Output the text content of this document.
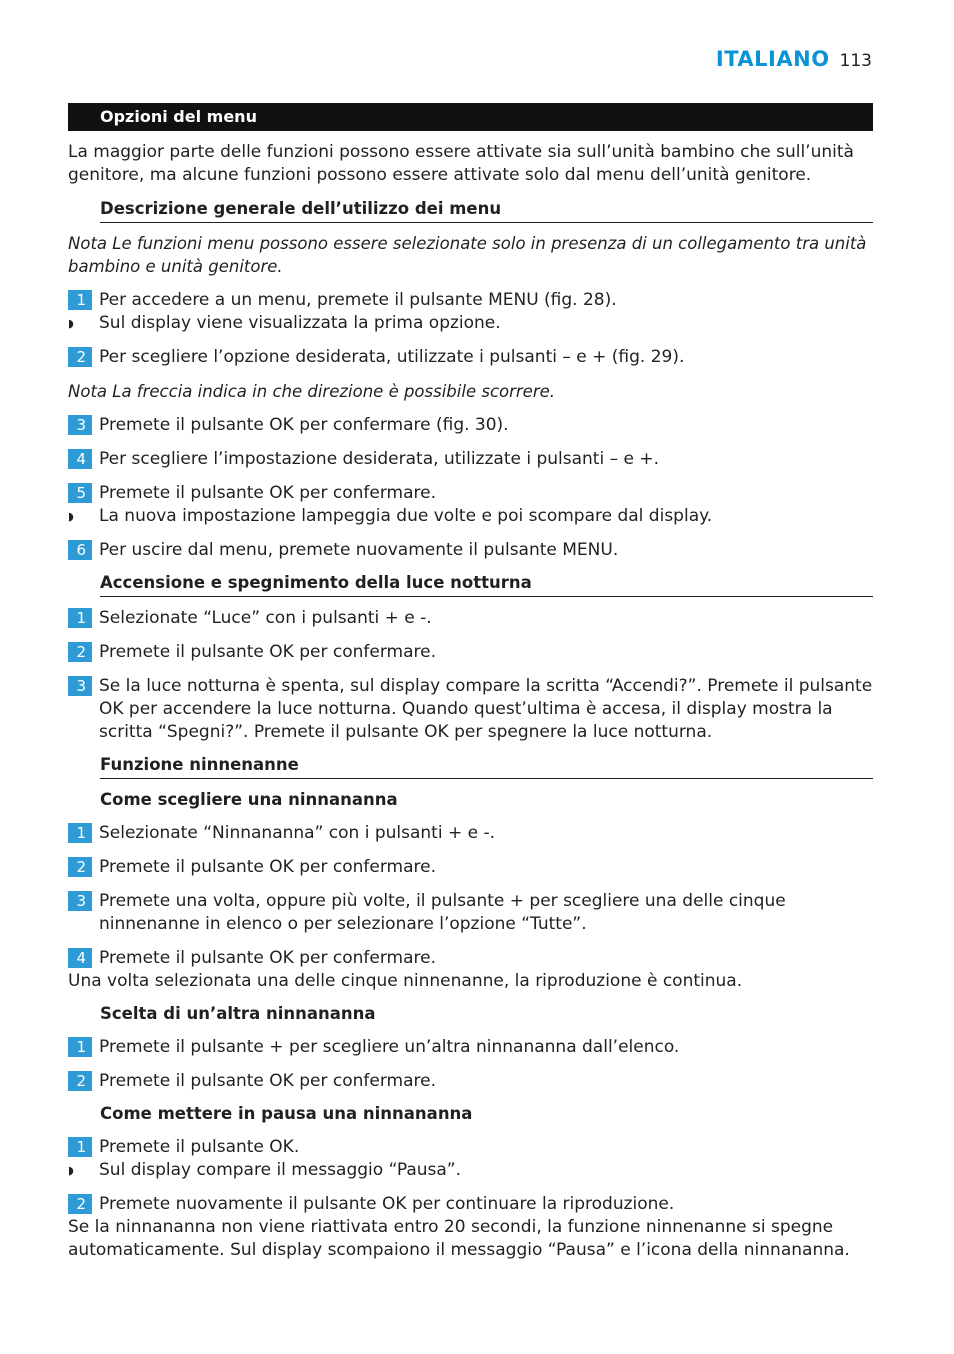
ITALIANO 113
Opzioni del menu

La maggior parte delle funzioni possono essere attivate sia sull’unità bambino che sull’unità genitore, ma alcune funzioni possono essere attivate solo dal menu dell’unità genitore.

Descrizione generale dell’utilizzo dei menu

Nota Le funzioni menu possono essere selezionate solo in presenza di un collegamento tra unità bambino e unità genitore.

1 Per accedere a un menu, premete il pulsante MENU (fig. 28).
◗	Sul display viene visualizzata la prima opzione.
2 Per scegliere l’opzione desiderata, utilizzate i pulsanti – e + (fig. 29).

Nota La freccia indica in che direzione è possibile scorrere.

3 Premete il pulsante OK per confermare (fig. 30).
4 Per scegliere l’impostazione desiderata, utilizzate i pulsanti – e +.
5 Premete il pulsante OK per confermare.
◗	La nuova impostazione lampeggia due volte e poi scompare dal display.
6 Per uscire dal menu, premete nuovamente il pulsante MENU.
Accensione e spegnimento della luce notturna
1 Selezionate “Luce” con i pulsanti + e -.
2 Premete il pulsante OK per confermare.
3 Se la luce notturna è spenta, sul display compare la scritta “Accendi?”. Premete il pulsante OK per accendere la luce notturna. Quando quest’ultima è accesa, il display mostra la scritta “Spegni?”. Premete il pulsante OK per spegnere la luce notturna.
Funzione ninnenanne
Come scegliere una ninnananna
1 Selezionate “Ninnananna” con i pulsanti + e -.
2 Premete il pulsante OK per confermare.
3 Premete una volta, oppure più volte, il pulsante + per scegliere una delle cinque ninnenanne in elenco o per selezionare l’opzione “Tutte”.
4 Premete il pulsante OK per confermare.

Una volta selezionata una delle cinque ninnenanne, la riproduzione è continua.

Scelta di un’altra ninnananna
1 Premete il pulsante + per scegliere un’altra ninnananna dall’elenco.
2 Premete il pulsante OK per confermare.
Come mettere in pausa una ninnananna
1 Premete il pulsante OK.
◗	Sul display compare il messaggio “Pausa”.
2 Premete nuovamente il pulsante OK per continuare la riproduzione.

Se la ninnananna non viene riattivata entro 20 secondi, la funzione ninnenanne si spegne automaticamente. Sul display scompaiono il messaggio “Pausa” e l’icona della ninnananna.
